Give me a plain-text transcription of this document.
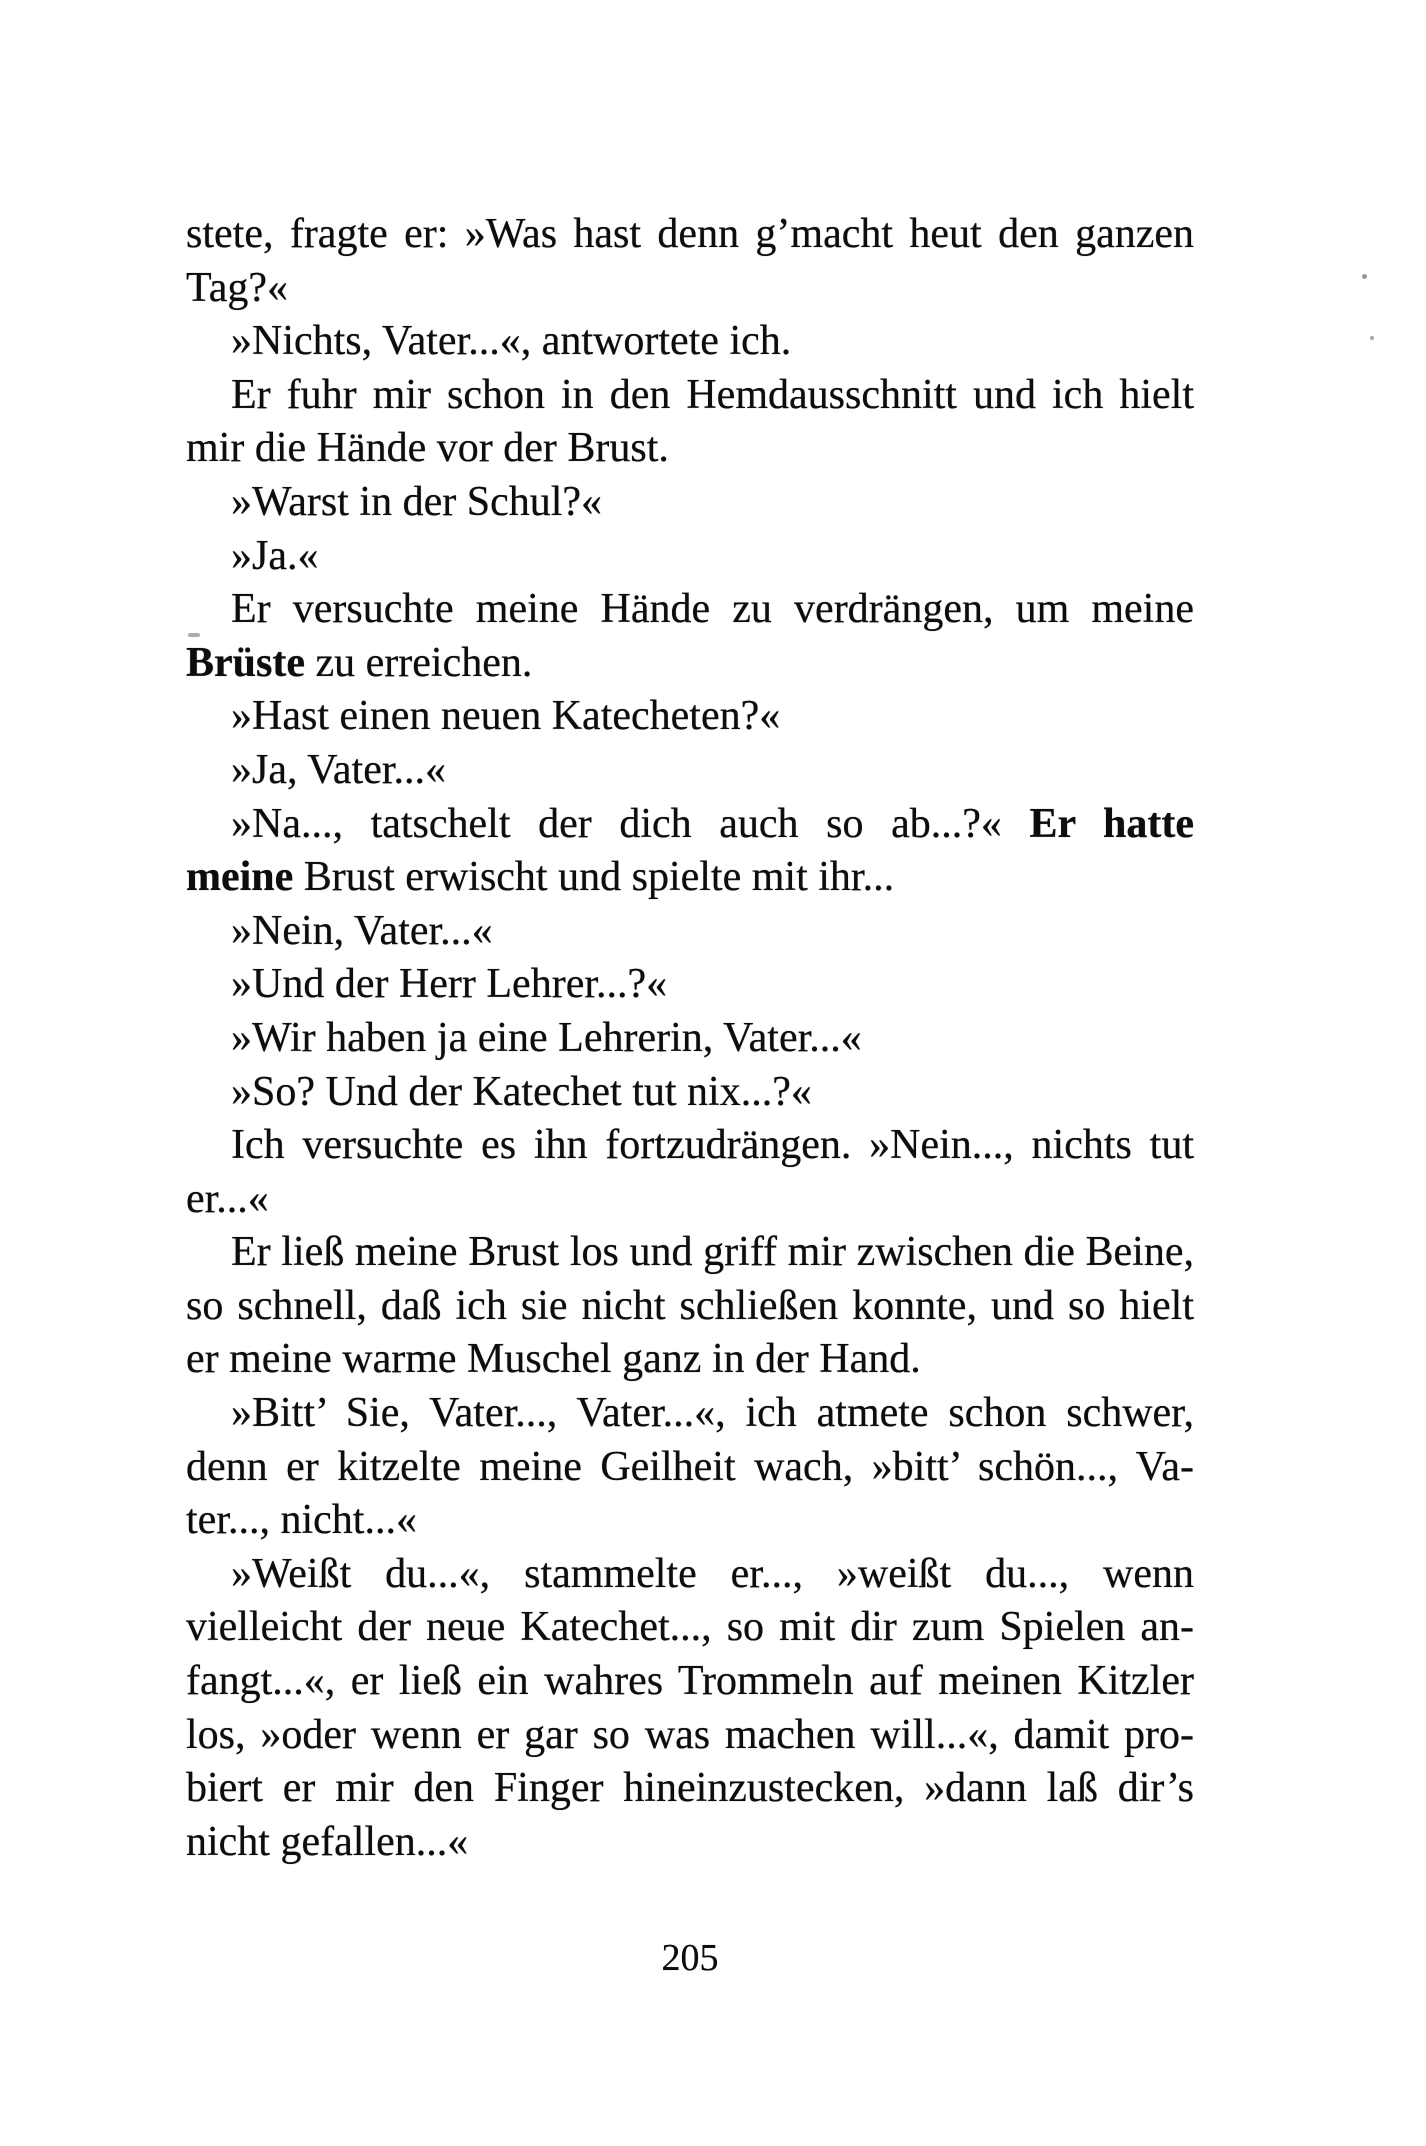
stete, fragte er: »Was hast denn g’macht heut den ganzen
Tag?«
»Nichts, Vater...«, antwortete ich.
Er fuhr mir schon in den Hemdausschnitt und ich hielt
mir die Hände vor der Brust.
»Warst in der Schul?«
»Ja.«
Er versuchte meine Hände zu verdrängen, um meine
Brüste zu erreichen.
»Hast einen neuen Katecheten?«
»Ja, Vater...«
»Na..., tatschelt der dich auch so ab...?« Er hatte
meine Brust erwischt und spielte mit ihr...
»Nein, Vater...«
»Und der Herr Lehrer...?«
»Wir haben ja eine Lehrerin, Vater...«
»So? Und der Katechet tut nix...?«
Ich versuchte es ihn fortzudrängen. »Nein..., nichts tut
er...«
Er ließ meine Brust los und griff mir zwischen die Beine,
so schnell, daß ich sie nicht schließen konnte, und so hielt
er meine warme Muschel ganz in der Hand.
»Bitt’ Sie, Vater..., Vater...«, ich atmete schon schwer,
denn er kitzelte meine Geilheit wach, »bitt’ schön..., Va-
ter..., nicht...«
»Weißt du...«, stammelte er..., »weißt du..., wenn
vielleicht der neue Katechet..., so mit dir zum Spielen an-
fangt...«, er ließ ein wahres Trommeln auf meinen Kitzler
los, »oder wenn er gar so was machen will...«, damit pro-
biert er mir den Finger hineinzustecken, »dann laß dir’s
nicht gefallen...«
205
